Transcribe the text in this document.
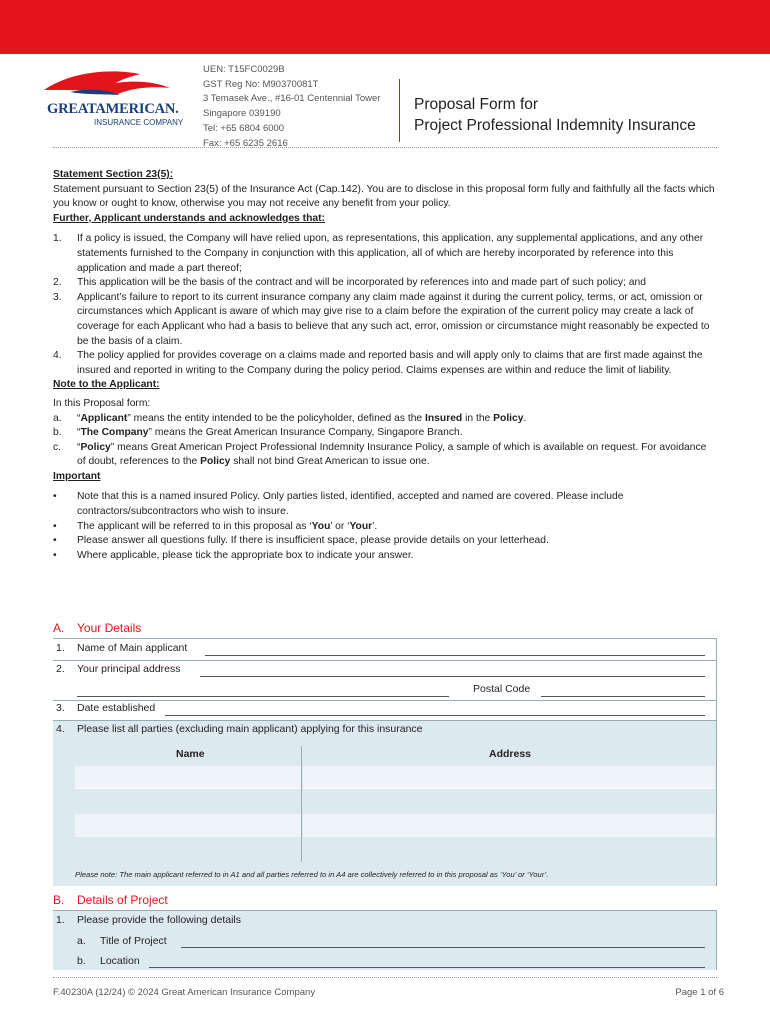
GREATAMERICAN.
INSURANCE COMPANY
UEN: T15FC0029B
GST Reg No: M90370081T
3 Temasek Ave., #16-01 Centennial Tower
Singapore 039190
Tel: +65 6804 6000
Fax: +65 6235 2616
Proposal Form for
Project Professional Indemnity Insurance

Statement Section 23(5):

Statement pursuant to Section 23(5) of the Insurance Act (Cap.142). You are to disclose in this proposal form fully and faithfully all the facts which you know or ought to know, otherwise you may not receive any benefit from your policy.

Further, Applicant understands and acknowledges that:

1.	If a policy is issued, the Company will have relied upon, as representations, this application, any supplemental applications, and any other statements furnished to the Company in conjunction with this application, all of which are hereby incorporated by reference into this application and made a part thereof;
2.	This application will be the basis of the contract and will be incorporated by references into and made part of such policy; and
3.	Applicant’s failure to report to its current insurance company any claim made against it during the current policy, terms, or act, omission or circumstances which Applicant is aware of which may give rise to a claim before the expiration of the current policy may create a lack of coverage for each Applicant who had a basis to believe that any such act, error, omission or circumstance might reasonably be expected to be the basis of a claim.
4.	The policy applied for provides coverage on a claims made and reported basis and will apply only to claims that are first made against the insured and reported in writing to the Company during the policy period. Claims expenses are within and reduce the limit of liability.

Note to the Applicant:

In this Proposal form:

a.	“Applicant” means the entity intended to be the policyholder, defined as the Insured in the Policy.
b.	“The Company” means the Great American Insurance Company, Singapore Branch.
c.	“Policy” means Great American Project Professional Indemnity Insurance Policy, a sample of which is available on request. For avoidance of doubt, references to the Policy shall not bind Great American to issue one.

Important

•	Note that this is a named insured Policy. Only parties listed, identified, accepted and named are covered. Please include contractors/subcontractors who wish to insure.
•	The applicant will be referred to in this proposal as ‘You’ or ‘Your’.
•	Please answer all questions fully. If there is insufficient space, please provide details on your letterhead.
•	Where applicable, please tick the appropriate box to indicate your answer.
A. Your Details
1. Name of Main applicant
2. Your principal address
Postal Code
3. Date established
4. Please list all parties (excluding main applicant) applying for this insurance
Name	Address
Please note: The main applicant referred to in A1 and all parties referred to in A4 are collectively referred to in this proposal as ‘You’ or ‘Your’.
B. Details of Project
1. Please provide the following details
a. Title of Project
b. Location
F.40230A (12/24) © 2024 Great American Insurance Company	Page 1 of 6
